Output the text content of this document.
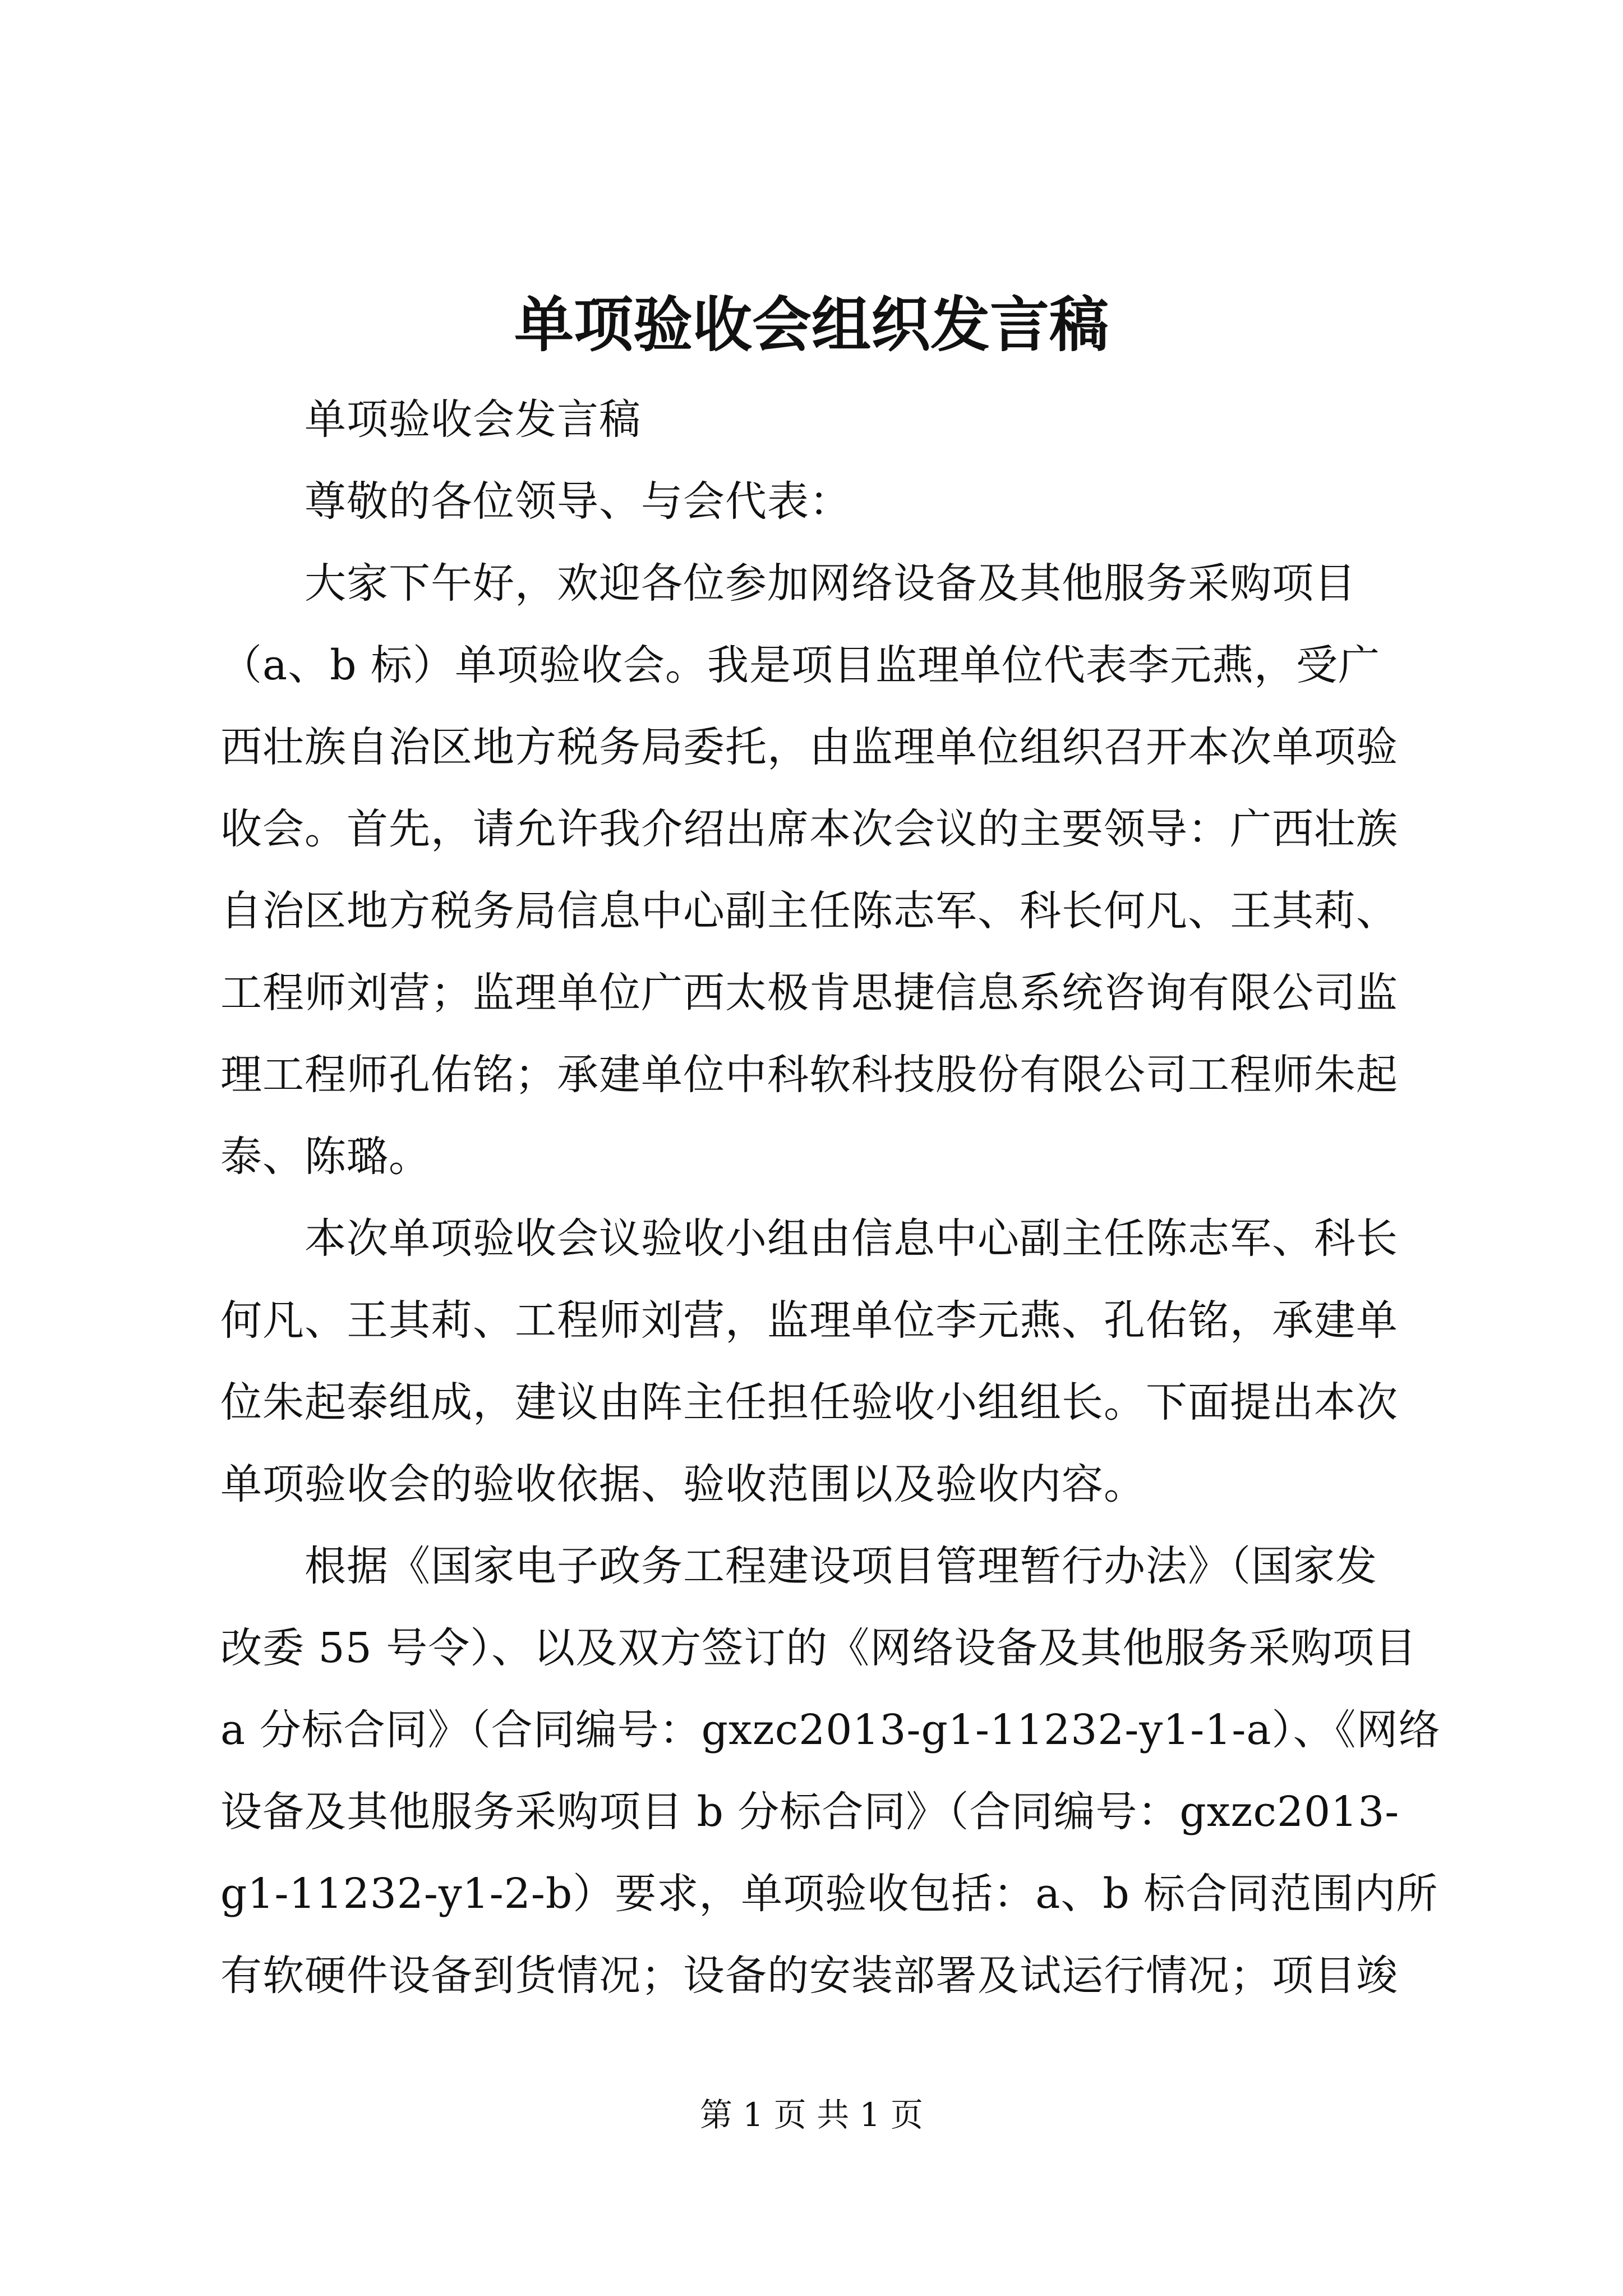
单项验收会组织发言稿
单项验收会发言稿
尊敬的各位领导、与会代表：
大家下午好，欢迎各位参加网络设备及其他服务采购项目
（a、b 标）单项验收会。我是项目监理单位代表李元燕，受广
西壮族自治区地方税务局委托，由监理单位组织召开本次单项验
收会。首先，请允许我介绍出席本次会议的主要领导：广西壮族
自治区地方税务局信息中心副主任陈志军、科长何凡、王其莉、
工程师刘营；监理单位广西太极肯思捷信息系统咨询有限公司监
理工程师孔佑铭；承建单位中科软科技股份有限公司工程师朱起
泰、陈璐。
本次单项验收会议验收小组由信息中心副主任陈志军、科长
何凡、王其莉、工程师刘营，监理单位李元燕、孔佑铭，承建单
位朱起泰组成，建议由阵主任担任验收小组组长。下面提出本次
单项验收会的验收依据、验收范围以及验收内容。
根据《国家电子政务工程建设项目管理暂行办法》（国家发
改委 55 号令）、以及双方签订的《网络设备及其他服务采购项目
a 分标合同》（合同编号：gxzc2013-g1-11232-y1-1-a）、《网络
设备及其他服务采购项目 b 分标合同》（合同编号：gxzc2013-
g1-11232-y1-2-b）要求，单项验收包括：a、b 标合同范围内所
有软硬件设备到货情况；设备的安装部署及试运行情况；项目竣
第 1 页 共 1 页
